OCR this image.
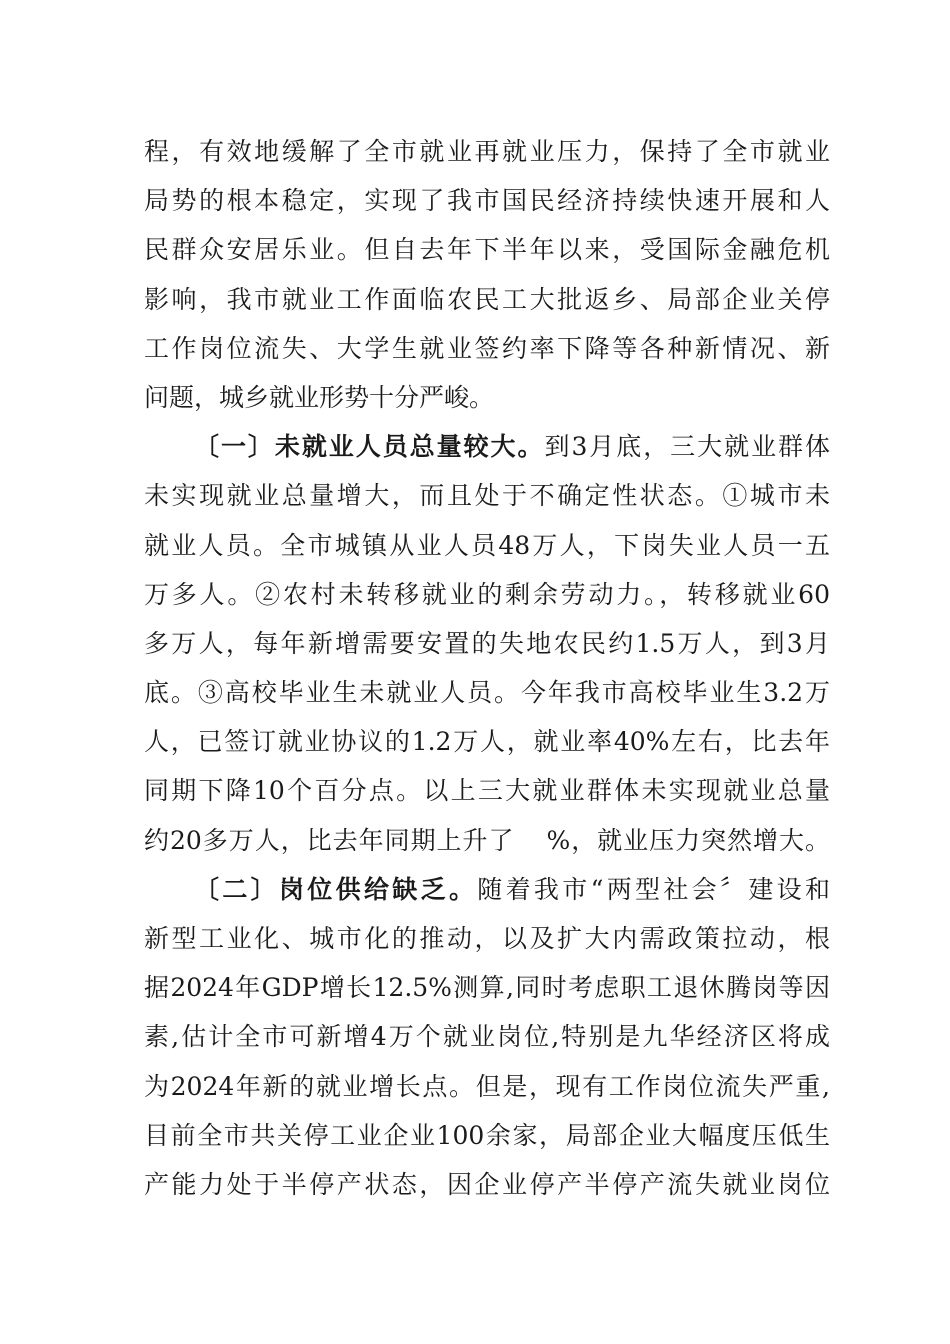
程，有效地缓解了全市就业再就业压力，保持了全市就业
局势的根本稳定，实现了我市国民经济持续快速开展和人
民群众安居乐业。但自去年下半年以来，受国际金融危机
影响，我市就业工作面临农民工大批返乡、局部企业关停
工作岗位流失、大学生就业签约率下降等各种新情况、新
问题，城乡就业形势十分严峻。
〔一〕未就业人员总量较大。到3月底，三大就业群体
未实现就业总量增大，而且处于不确定性状态。①城市未
就业人员。全市城镇从业人员48万人，下岗失业人员一五
万多人。②农村未转移就业的剩余劳动力。，转移就业60
多万人，每年新增需要安置的失地农民约1.5万人，到3月
底。③高校毕业生未就业人员。今年我市高校毕业生3.2万
人，已签订就业协议的1.2万人，就业率40%左右，比去年
同期下降10个百分点。以上三大就业群体未实现就业总量
约20多万人，比去年同期上升了 %，就业压力突然增大。
〔二〕岗位供给缺乏。随着我市“两型社会〞建设和
新型工业化、城市化的推动，以及扩大内需政策拉动，根
据2024年GDP增长12.5%测算,同时考虑职工退休腾岗等因
素,估计全市可新增4万个就业岗位,特别是九华经济区将成
为2024年新的就业增长点。但是，现有工作岗位流失严重,
目前全市共关停工业企业100余家，局部企业大幅度压低生
产能力处于半停产状态，因企业停产半停产流失就业岗位
